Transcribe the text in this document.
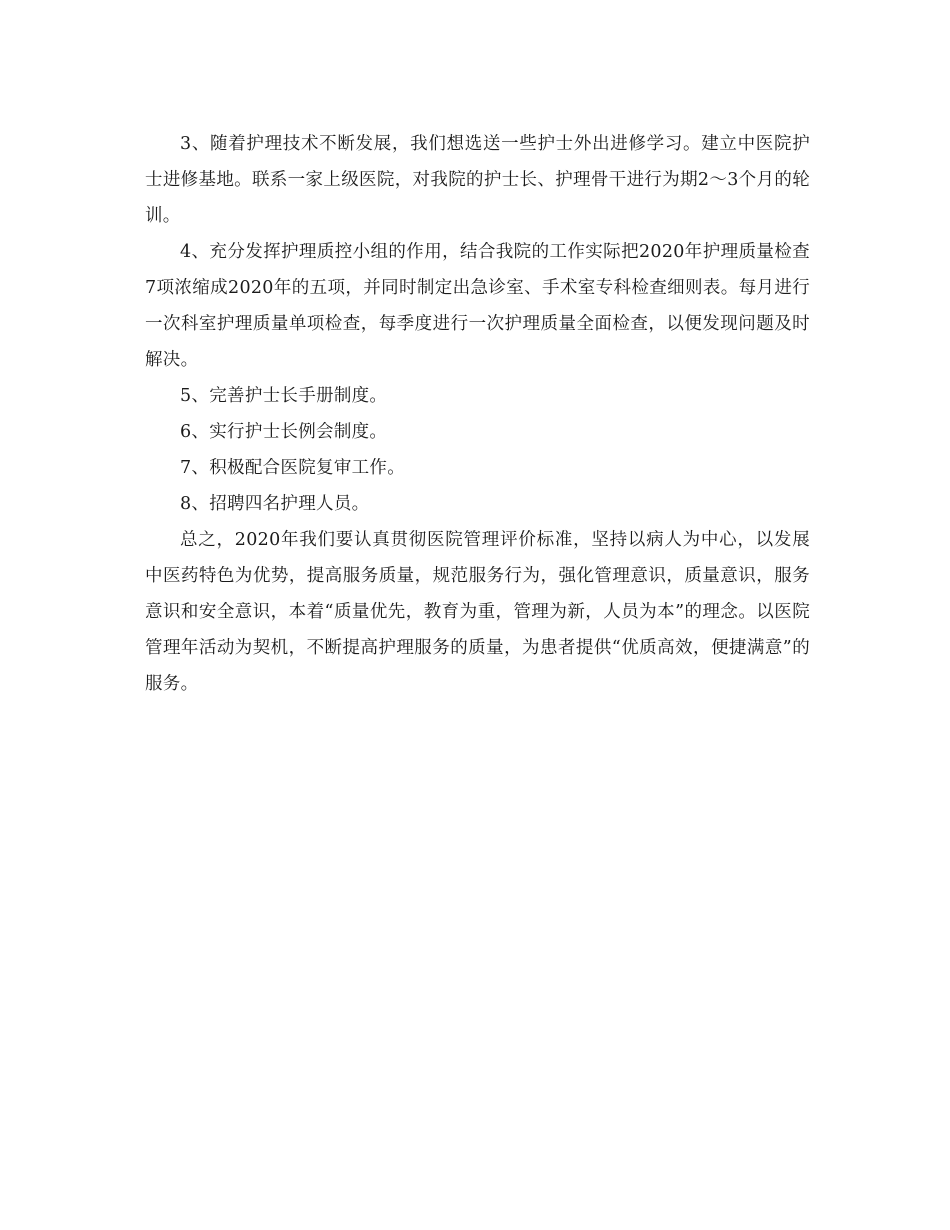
3、随着护理技术不断发展，我们想选送一些护士外出进修学习。建立中医院护士进修基地。联系一家上级医院，对我院的护士长、护理骨干进行为期2～3个月的轮训。

4、充分发挥护理质控小组的作用，结合我院的工作实际把2020年护理质量检查7项浓缩成2020年的五项，并同时制定出急诊室、手术室专科检查细则表。每月进行一次科室护理质量单项检查，每季度进行一次护理质量全面检查，以便发现问题及时解决。

5、完善护士长手册制度。

6、实行护士长例会制度。

7、积极配合医院复审工作。

8、招聘四名护理人员。

总之，2020年我们要认真贯彻医院管理评价标准，坚持以病人为中心，以发展中医药特色为优势，提高服务质量，规范服务行为，强化管理意识，质量意识，服务意识和安全意识，本着“质量优先，教育为重，管理为新，人员为本”的理念。以医院管理年活动为契机，不断提高护理服务的质量，为患者提供“优质高效，便捷满意”的服务。
